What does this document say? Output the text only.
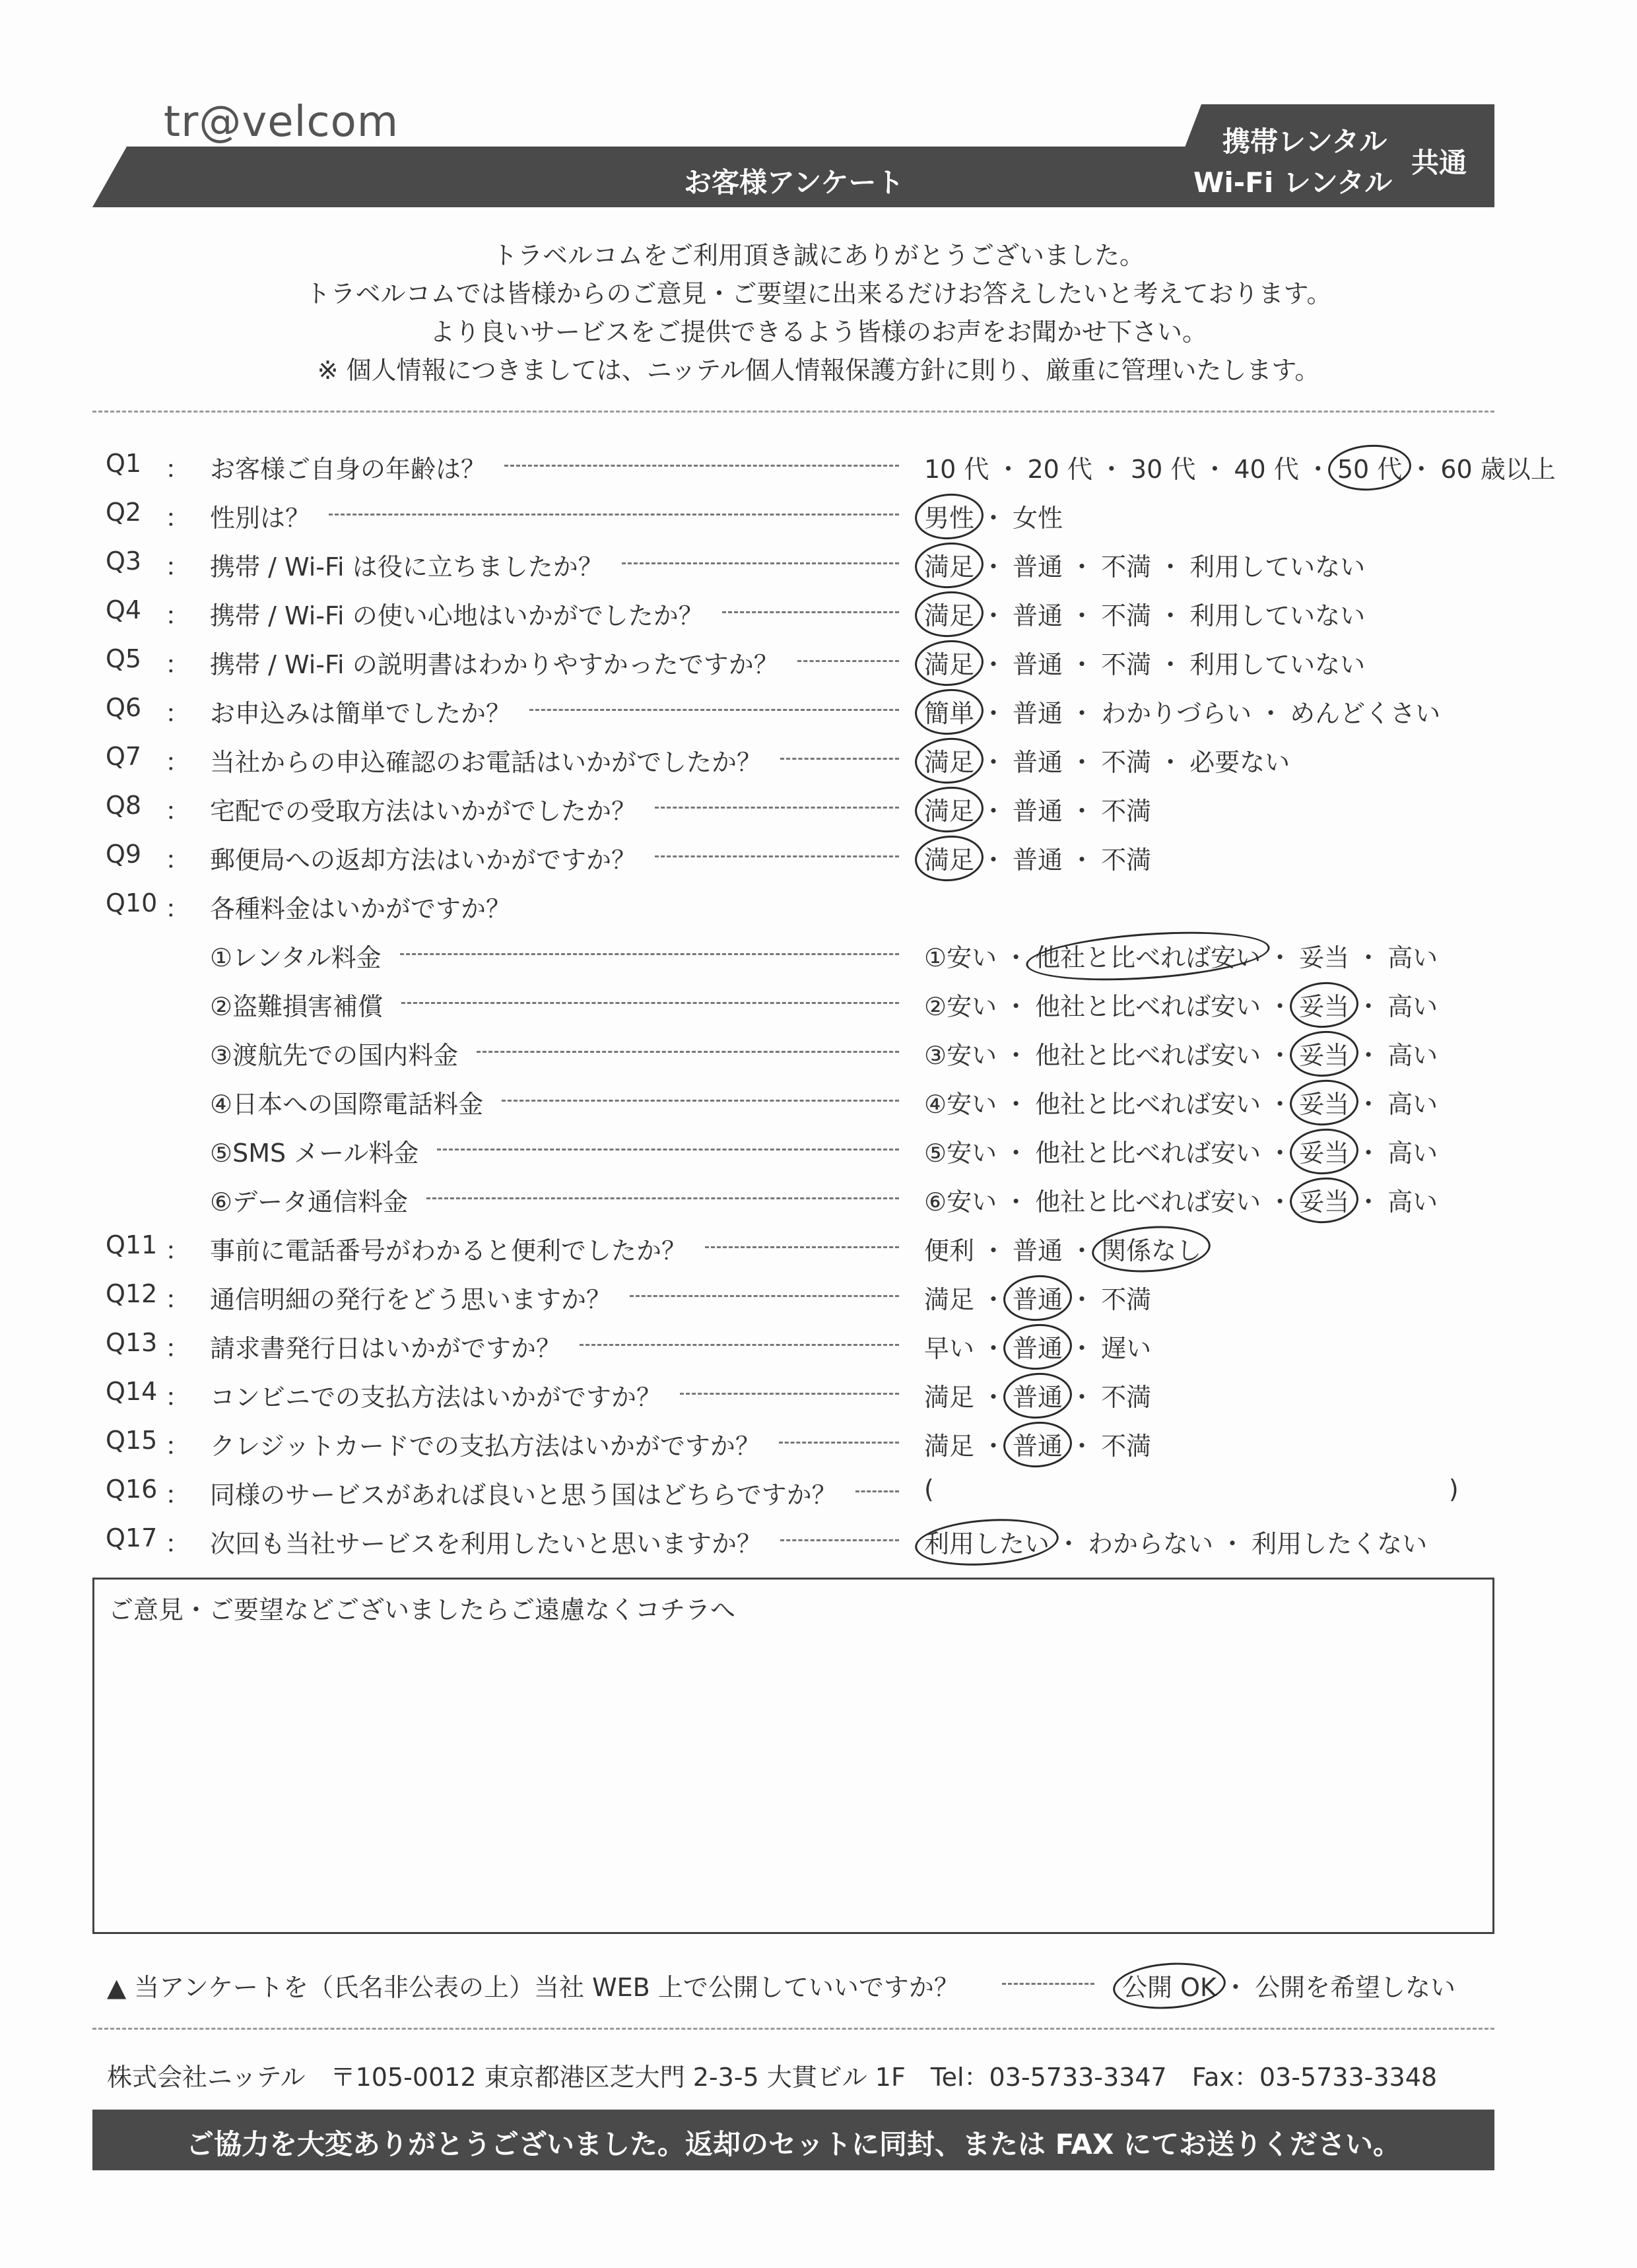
tr@velcom
お客様アンケート
携帯レンタル
Wi-Fi レンタル
共通
トラベルコムをご利用頂き誠にありがとうございました。
トラベルコムでは皆様からのご意見・ご要望に出来るだけお答えしたいと考えております。
より良いサービスをご提供できるよう皆様のお声をお聞かせ下さい。
※ 個人情報につきましては、ニッテル個人情報保護方針に則り、厳重に管理いたします。
Q1 ： お客様ご自身の年齢は？	10 代 ・ 20 代 ・ 30 代 ・ 40 代 ・ 50 代 ・ 60 歳以上
Q2 ： 性別は？	男性 ・ 女性
Q3 ： 携帯 / Wi-Fi は役に立ちましたか？	満足 ・ 普通 ・ 不満 ・ 利用していない
Q4 ： 携帯 / Wi-Fi の使い心地はいかがでしたか？	満足 ・ 普通 ・ 不満 ・ 利用していない
Q5 ： 携帯 / Wi-Fi の説明書はわかりやすかったですか？	満足 ・ 普通 ・ 不満 ・ 利用していない
Q6 ： お申込みは簡単でしたか？	簡単 ・ 普通 ・ わかりづらい ・ めんどくさい
Q7 ： 当社からの申込確認のお電話はいかがでしたか？	満足 ・ 普通 ・ 不満 ・ 必要ない
Q8 ： 宅配での受取方法はいかがでしたか？	満足 ・ 普通 ・ 不満
Q9 ： 郵便局への返却方法はいかがですか？	満足 ・ 普通 ・ 不満
Q10 ： 各種料金はいかがですか？
①レンタル料金	①安い ・ 他社と比べれば安い ・ 妥当 ・ 高い
②盗難損害補償	②安い ・ 他社と比べれば安い ・ 妥当 ・ 高い
③渡航先での国内料金	③安い ・ 他社と比べれば安い ・ 妥当 ・ 高い
④日本への国際電話料金	④安い ・ 他社と比べれば安い ・ 妥当 ・ 高い
⑤SMS メール料金	⑤安い ・ 他社と比べれば安い ・ 妥当 ・ 高い
⑥データ通信料金	⑥安い ・ 他社と比べれば安い ・ 妥当 ・ 高い
Q11 ： 事前に電話番号がわかると便利でしたか？	便利 ・ 普通 ・ 関係なし
Q12 ： 通信明細の発行をどう思いますか？	満足 ・ 普通 ・ 不満
Q13 ： 請求書発行日はいかがですか？	早い ・ 普通 ・ 遅い
Q14 ： コンビニでの支払方法はいかがですか？	満足 ・ 普通 ・ 不満
Q15 ： クレジットカードでの支払方法はいかがですか？	満足 ・ 普通 ・ 不満
Q16 ： 同様のサービスがあれば良いと思う国はどちらですか？	(	)
Q17 ： 次回も当社サービスを利用したいと思いますか？	利用したい ・ わからない ・ 利用したくない
ご意見・ご要望などございましたらご遠慮なくコチラへ
▲ 当アンケートを（氏名非公表の上）当社 WEB 上で公開していいですか？	公開 OK ・ 公開を希望しない
株式会社ニッテル　〒105-0012 東京都港区芝大門 2-3-5 大貫ビル 1F　Tel：03-5733-3347　Fax：03-5733-3348
ご協力を大変ありがとうございました。返却のセットに同封、または FAX にてお送りください。
